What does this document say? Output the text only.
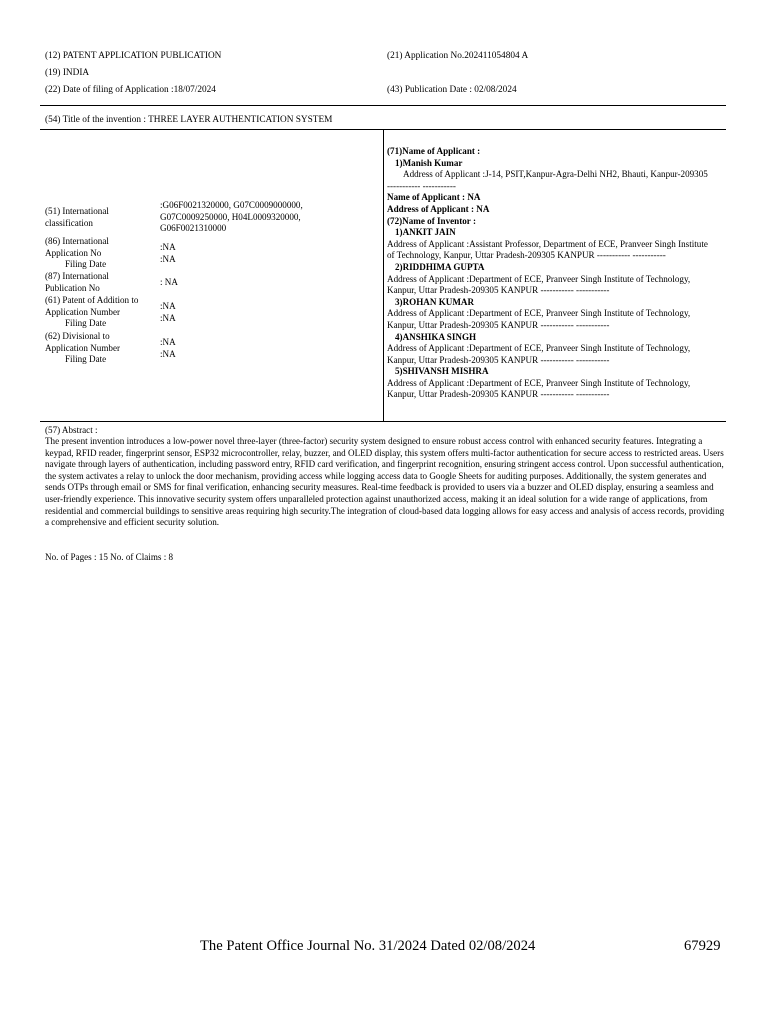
(12) PATENT APPLICATION PUBLICATION
(19) INDIA
(22) Date of filing of Application :18/07/2024
(21) Application No.202411054804 A
(43) Publication Date : 02/08/2024
(54) Title of the invention : THREE LAYER AUTHENTICATION SYSTEM
(51) International
classification
:G06F0021320000, G07C0009000000, G07C0009250000, H04L0009320000, G06F0021310000
(86) International
Application No
Filing Date
:NA
:NA
(87) International
Publication No
: NA
(61) Patent of Addition to
Application Number
Filing Date
:NA
:NA
(62) Divisional to
Application Number
Filing Date
:NA
:NA
(71)Name of Applicant :
1)Manish Kumar
Address of Applicant :J-14, PSIT,Kanpur-Agra-Delhi NH2, Bhauti, Kanpur-209305 ----------- -----------
Name of Applicant : NA
Address of Applicant : NA
(72)Name of Inventor :
1)ANKIT JAIN
Address of Applicant :Assistant Professor, Department of ECE, Pranveer Singh Institute of Technology, Kanpur, Uttar Pradesh-209305 KANPUR ----------- -----------
2)RIDDHIMA GUPTA
Address of Applicant :Department of ECE, Pranveer Singh Institute of Technology, Kanpur, Uttar Pradesh-209305 KANPUR ----------- -----------
3)ROHAN KUMAR
Address of Applicant :Department of ECE, Pranveer Singh Institute of Technology, Kanpur, Uttar Pradesh-209305 KANPUR ----------- -----------
4)ANSHIKA SINGH
Address of Applicant :Department of ECE, Pranveer Singh Institute of Technology, Kanpur, Uttar Pradesh-209305 KANPUR ----------- -----------
5)SHIVANSH MISHRA
Address of Applicant :Department of ECE, Pranveer Singh Institute of Technology, Kanpur, Uttar Pradesh-209305 KANPUR ----------- -----------
(57) Abstract :
The present invention introduces a low-power novel three-layer (three-factor) security system designed to ensure robust access control with enhanced security features. Integrating a keypad, RFID reader, fingerprint sensor, ESP32 microcontroller, relay, buzzer, and OLED display, this system offers multi-factor authentication for secure access to restricted areas. Users navigate through layers of authentication, including password entry, RFID card verification, and fingerprint recognition, ensuring stringent access control. Upon successful authentication, the system activates a relay to unlock the door mechanism, providing access while logging access data to Google Sheets for auditing purposes. Additionally, the system generates and sends OTPs through email or SMS for final verification, enhancing security measures. Real-time feedback is provided to users via a buzzer and OLED display, ensuring a seamless and user-friendly experience. This innovative security system offers unparalleled protection against unauthorized access, making it an ideal solution for a wide range of applications, from residential and commercial buildings to sensitive areas requiring high security.The integration of cloud-based data logging allows for easy access and analysis of access records, providing a comprehensive and efficient security solution.
No. of Pages : 15 No. of Claims : 8
The Patent Office Journal No. 31/2024 Dated 02/08/2024	67929
